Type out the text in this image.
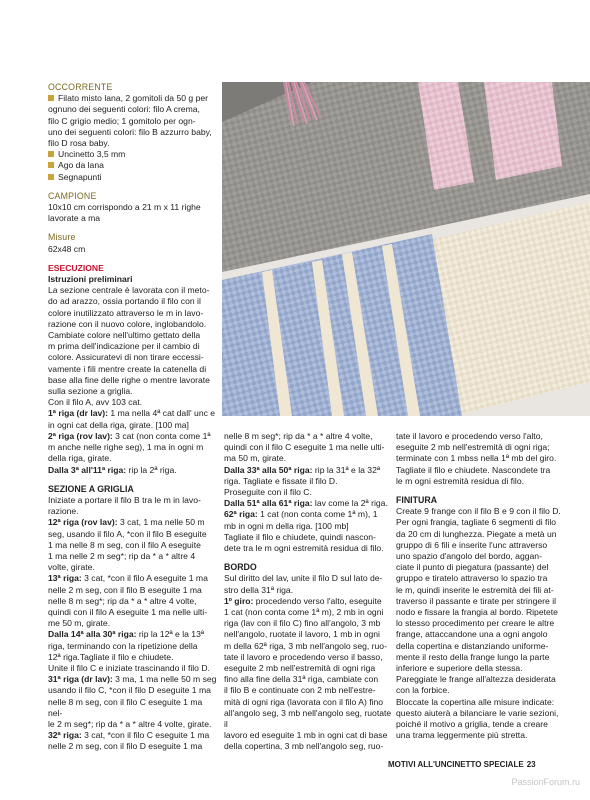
OCCORRENTE

Filato misto lana, 2 gomitoli da 50 g per

ognuno dei seguenti colori: filo A crema,

filo C grigio medio; 1 gomitolo per ogn-

uno dei seguenti colori: filo B azzurro baby,

filo D rosa baby.

Uncinetto 3,5 mm

Ago da lana

Segnapunti

CAMPIONE

10x10 cm corrispondo a 21 m x 11 righe

lavorate a ma

Misure

62x48 cm

ESECUZIONE

Istruzioni preliminari

La sezione centrale è lavorata con il meto-

do ad arazzo, ossia portando il filo con il

colore inutilizzato attraverso le m in lavo-

razione con il nuovo colore, inglobandolo.

Cambiate colore nell'ultimo gettato della

m prima dell'indicazione per il cambio di

colore. Assicuratevi di non tirare eccessi-

vamente i fili mentre create la catenella di

base alla fine delle righe o mentre lavorate

sulla sezione a griglia.

Con il filo A, avv 103 cat.

1ª riga (dr lav): 1 ma nella 4ª cat dall' unc e

in ogni cat della riga, girate. [100 ma]

2ª riga (rov lav): 3 cat (non conta come 1ª

m anche nelle righe seg), 1 ma in ogni m

della riga, girate.

Dalla 3ª all'11ª riga: rip la 2ª riga.

SEZIONE A GRIGLIA

Iniziate a portare il filo B tra le m in lavo-

razione.

12ª riga (rov lav): 3 cat, 1 ma nelle 50 m

seg, usando il filo A, *con il filo B eseguite

1 ma nelle 8 m seg, con il filo A eseguite

1 ma nelle 2 m seg*; rip da * a * altre 4

volte, girate.

13ª riga: 3 cat, *con il filo A eseguite 1 ma

nelle 2 m seg, con il filo B eseguite 1 ma

nelle 8 m seg*; rip da * a * altre 4 volte,

quindi con il filo A eseguite 1 ma nelle ulti-

me 50 m, girate.

Dalla 14ª alla 30ª riga: rip la 12ª e la 13ª

riga, terminando con la ripetizione della

12ª riga.Tagliate il filo e chiudete.

Unite il filo C e iniziate trascinando il filo D.

31ª riga (dr lav): 3 ma, 1 ma nelle 50 m seg

usando il filo C, *con il filo D eseguite 1 ma

nelle 8 m seg, con il filo C eseguite 1 ma nel-

le 2 m seg*; rip da * a * altre 4 volte, girate.

32ª riga: 3 cat, *con il filo C eseguite 1 ma

nelle 2 m seg, con il filo D eseguite 1 ma

nelle 8 m seg*; rip da * a * altre 4 volte,

quindi con il filo C eseguite 1 ma nelle ulti-

ma 50 m, girate.

Dalla 33ª alla 50ª riga: rip la 31ª e la 32ª

riga. Tagliate e fissate il filo D.

Proseguite con il filo C.

Dalla 51ª alla 61ª riga: lav come la 2ª riga.

62ª riga: 1 cat (non conta come 1ª m), 1

mb in ogni m della riga. [100 mb]

Tagliate il filo e chiudete, quindi nascon-

dete tra le m ogni estremità residua di filo.

BORDO

Sul diritto del lav, unite il filo D sul lato de-

stro della 31ª riga.

1º giro: procedendo verso l'alto, eseguite

1 cat (non conta come 1ª m), 2 mb in ogni

riga (lav con il filo C) fino all'angolo, 3 mb

nell'angolo, ruotate il lavoro, 1 mb in ogni

m della 62ª riga, 3 mb nell'angolo seg, ruo-

tate il lavoro e procedendo verso il basso,

eseguite 2 mb nell'estremità di ogni riga

fino alla fine della 31ª riga, cambiate con

il filo B e continuate con 2 mb nell'estre-

mità di ogni riga (lavorata con il filo A) fino

all'angolo seg, 3 mb nell'angolo seg, ruotate il

lavoro ed eseguite 1 mb in ogni cat di base

della copertina, 3 mb nell'angolo seg, ruo-

tate il lavoro e procedendo verso l'alto,

eseguite 2 mb nell'estremità di ogni riga;

terminate con 1 mbss nella 1ª mb del giro.

Tagliate il filo e chiudete. Nascondete tra

le m ogni estremità residua di filo.

FINITURA

Create 9 frange con il filo B e 9 con il filo D.

Per ogni frangia, tagliate 6 segmenti di filo

da 20 cm di lunghezza. Piegate a metà un

gruppo di 6 fili e inserite l'unc attraverso

uno spazio d'angolo del bordo, aggan-

ciate il punto di piegatura (passante) del

gruppo e tiratelo attraverso lo spazio tra

le m, quindi inserite le estremità dei fili at-

traverso il passante e tirate per stringere il

nodo e fissare la frangia al bordo. Ripetete

lo stesso procedimento per creare le altre

frange, attaccandone una a ogni angolo

della copertina e distanziando uniforme-

mente il resto della frange lungo la parte

inferiore e superiore della stessa.

Pareggiate le frange all'altezza desiderata

con la forbice.

Bloccate la copertina alle misure indicate:

questo aiuterà a bilanciare le varie sezioni,

poiché il motivo a griglia, tende a creare

una trama leggermente più stretta.

MOTIVI ALL'UNCINETTO SPECIALE 23
PassionForum.ru
